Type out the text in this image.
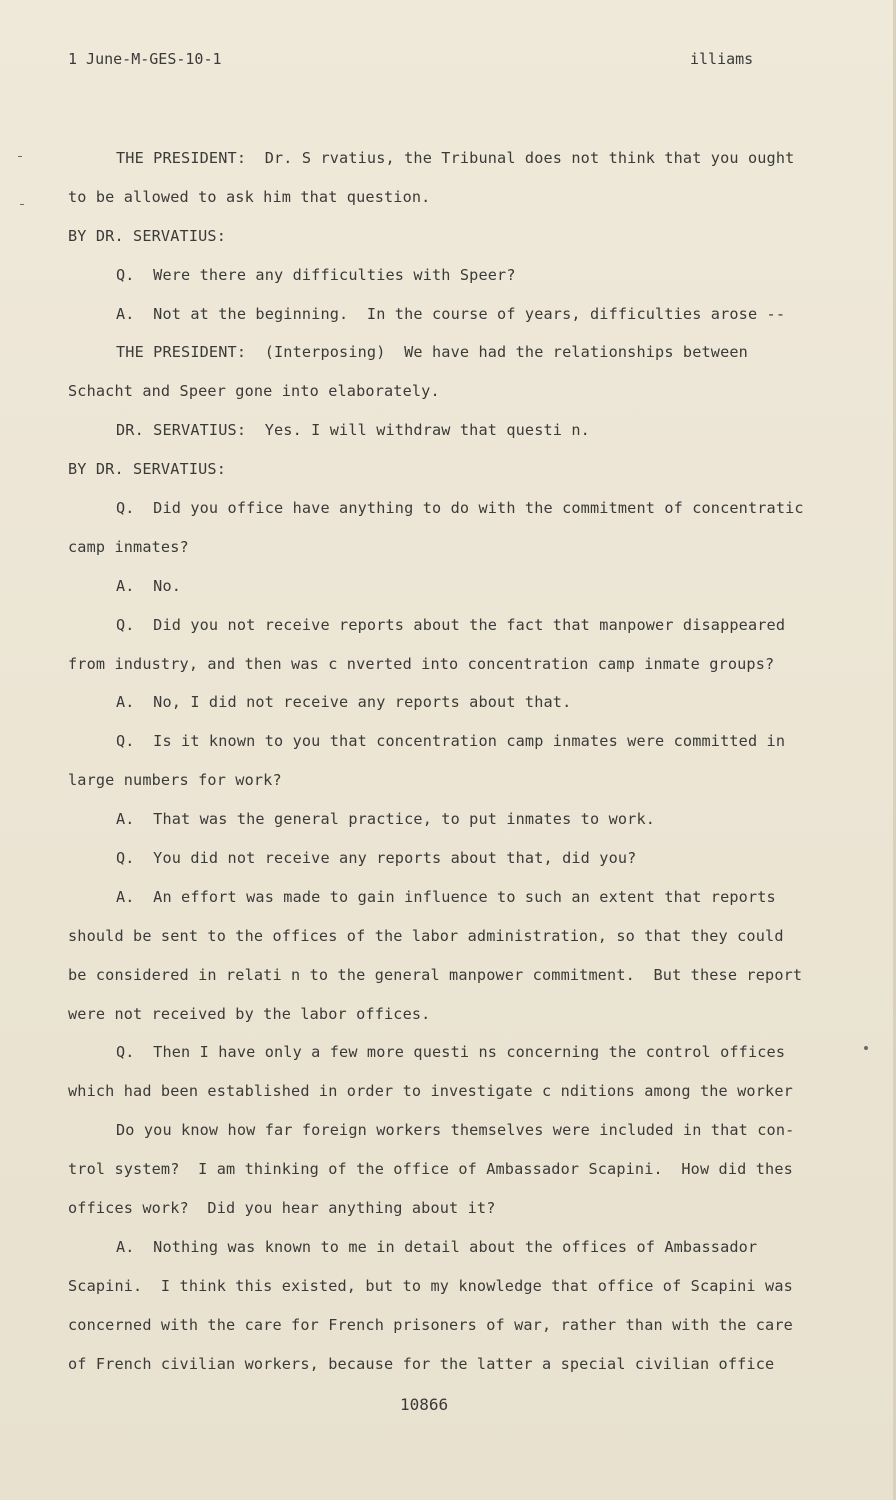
1 June-M-GES-10-1	illiams
THE PRESIDENT:  Dr. S rvatius, the Tribunal does not think that you ought
to be allowed to ask him that question.
BY DR. SERVATIUS:
Q.  Were there any difficulties with Speer?
A.  Not at the beginning.  In the course of years, difficulties arose --
THE PRESIDENT:  (Interposing)  We have had the relationships between
Schacht and Speer gone into elaborately.
DR. SERVATIUS:  Yes. I will withdraw that questi n.
BY DR. SERVATIUS:
Q.  Did you office have anything to do with the commitment of concentratic
camp inmates?
A.  No.
Q.  Did you not receive reports about the fact that manpower disappeared
from industry, and then was c nverted into concentration camp inmate groups?
A.  No, I did not receive any reports about that.
Q.  Is it known to you that concentration camp inmates were committed in
large numbers for work?
A.  That was the general practice, to put inmates to work.
Q.  You did not receive any reports about that, did you?
A.  An effort was made to gain influence to such an extent that reports
should be sent to the offices of the labor administration, so that they could
be considered in relati n to the general manpower commitment.  But these report
were not received by the labor offices.
Q.  Then I have only a few more questi ns concerning the control offices
which had been established in order to investigate c nditions among the worker
Do you know how far foreign workers themselves were included in that con-
trol system?  I am thinking of the office of Ambassador Scapini.  How did thes
offices work?  Did you hear anything about it?
A.  Nothing was known to me in detail about the offices of Ambassador
Scapini.  I think this existed, but to my knowledge that office of Scapini was
concerned with the care for French prisoners of war, rather than with the care
of French civilian workers, because for the latter a special civilian office
10866
